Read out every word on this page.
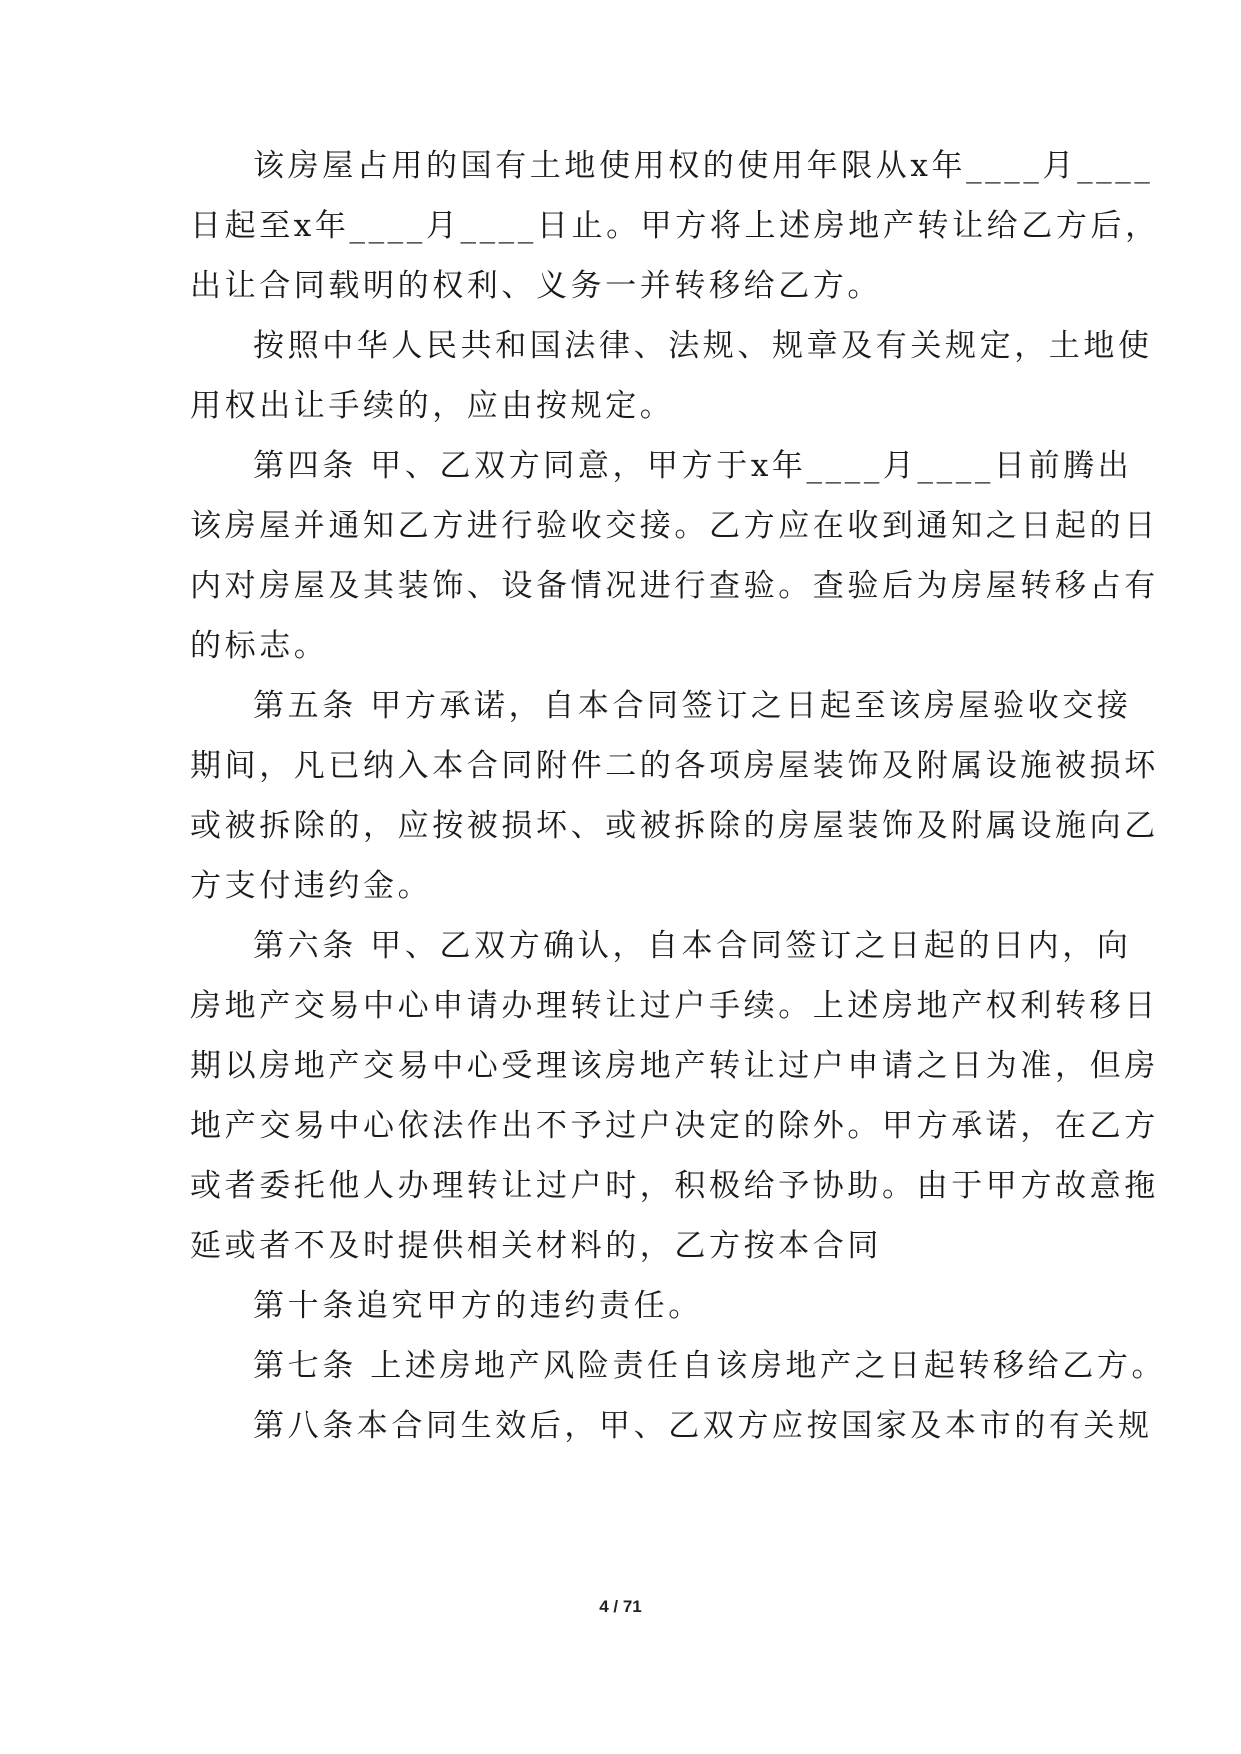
该房屋占用的国有土地使用权的使用年限从x年____月____
日起至x年____月____日止。甲方将上述房地产转让给乙方后，
出让合同载明的权利、义务一并转移给乙方。
按照中华人民共和国法律、法规、规章及有关规定，土地使
用权出让手续的，应由按规定。
第四条 甲、乙双方同意，甲方于x年____月____日前腾出
该房屋并通知乙方进行验收交接。乙方应在收到通知之日起的日
内对房屋及其装饰、设备情况进行查验。查验后为房屋转移占有
的标志。
第五条 甲方承诺，自本合同签订之日起至该房屋验收交接
期间，凡已纳入本合同附件二的各项房屋装饰及附属设施被损坏
或被拆除的，应按被损坏、或被拆除的房屋装饰及附属设施向乙
方支付违约金。
第六条 甲、乙双方确认，自本合同签订之日起的日内，向
房地产交易中心申请办理转让过户手续。上述房地产权利转移日
期以房地产交易中心受理该房地产转让过户申请之日为准，但房
地产交易中心依法作出不予过户决定的除外。甲方承诺，在乙方
或者委托他人办理转让过户时，积极给予协助。由于甲方故意拖
延或者不及时提供相关材料的，乙方按本合同
第十条追究甲方的违约责任。
第七条 上述房地产风险责任自该房地产之日起转移给乙方。
第八条本合同生效后，甲、乙双方应按国家及本市的有关规
4 / 71
